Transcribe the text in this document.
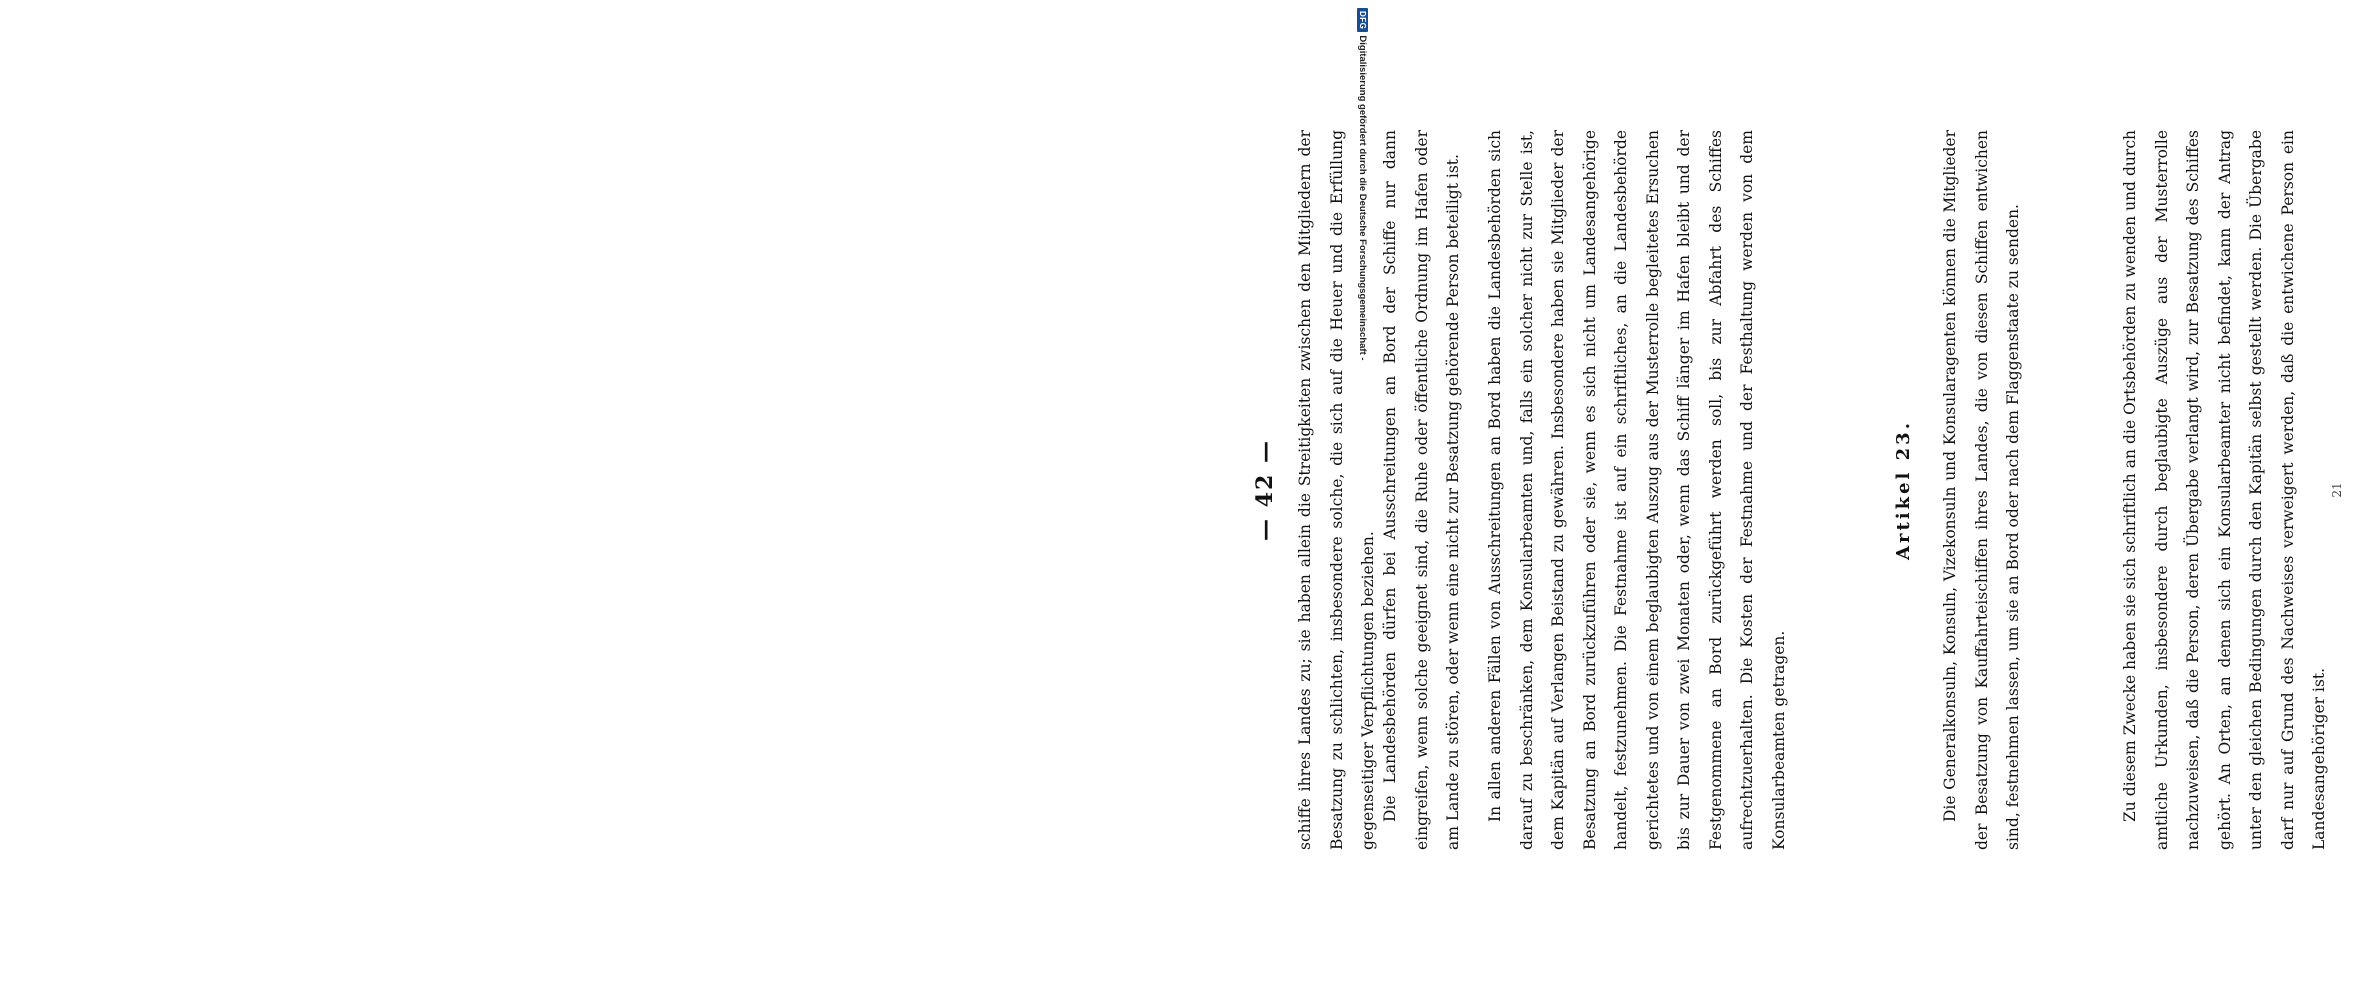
— 42 —	schiffe ihres Landes zu; sie haben allein die Streitigkeiten zwischen den Mitgliedern der Besatzung zu schlichten, insbesondere solche, die sich auf die Heuer und die Erfüllung gegenseitiger Verpflichtungen beziehen. Die Landesbehörden dürfen bei Ausschreitungen an Bord der Schiffe nur dann eingreifen, wenn solche geeignet sind, die Ruhe oder öffentliche Ordnung im Hafen oder am Lande zu stören, oder wenn eine nicht zur Besatzung gehörende Person beteiligt ist.	In allen anderen Fällen von Ausschreitungen an Bord haben die Landesbehörden sich darauf zu beschränken, dem Konsularbeamten und, falls ein solcher nicht zur Stelle ist, dem Kapitän auf Verlangen Beistand zu gewähren. Insbesondere haben sie Mitglieder der Besatzung an Bord zurückzuführen oder sie, wenn es sich nicht um Landesangehörige handelt, festzunehmen. Die Festnahme ist auf ein schriftliches, an die Landesbehörde gerichtetes und von einem beglaubigten Auszug aus der Musterrolle begleitetes Ersuchen bis zur Dauer von zwei Monaten oder, wenn das Schiff länger im Hafen bleibt und der Festgenommene an Bord zurückgeführt werden soll, bis zur Abfahrt des Schiffes aufrechtzuerhalten. Die Kosten der Festnahme und der Festhaltung werden von dem Konsularbeamten getragen.

Artikel 23.	Die Generalkonsuln, Konsuln, Vizekonsuln und Konsularagenten können die Mitglieder der Besatzung von Kauffahrteischiffen ihres Landes, die von diesen Schiffen entwichen sind, festnehmen lassen, um sie an Bord oder nach dem Flaggenstaate zu senden.	Zu diesem Zwecke haben sie sich schriftlich an die Ortsbehörden zu wenden und durch amtliche Urkunden, insbesondere durch beglaubigte Auszüge aus der Musterrolle nachzuweisen, daß die Person, deren Übergabe verlangt wird, zur Besatzung des Schiffes gehört. An Orten, an denen sich ein Konsularbeamter nicht befindet, kann der Antrag unter den gleichen Bedingungen durch den Kapitän selbst gestellt werden. Die Übergabe darf nur auf Grund des Nachweises verweigert werden, daß die entwichene Person ein Landesangehöriger ist.

21
DFG
Digitalisierung gefördert durch die Deutsche Forschungsgemeinschaft -
